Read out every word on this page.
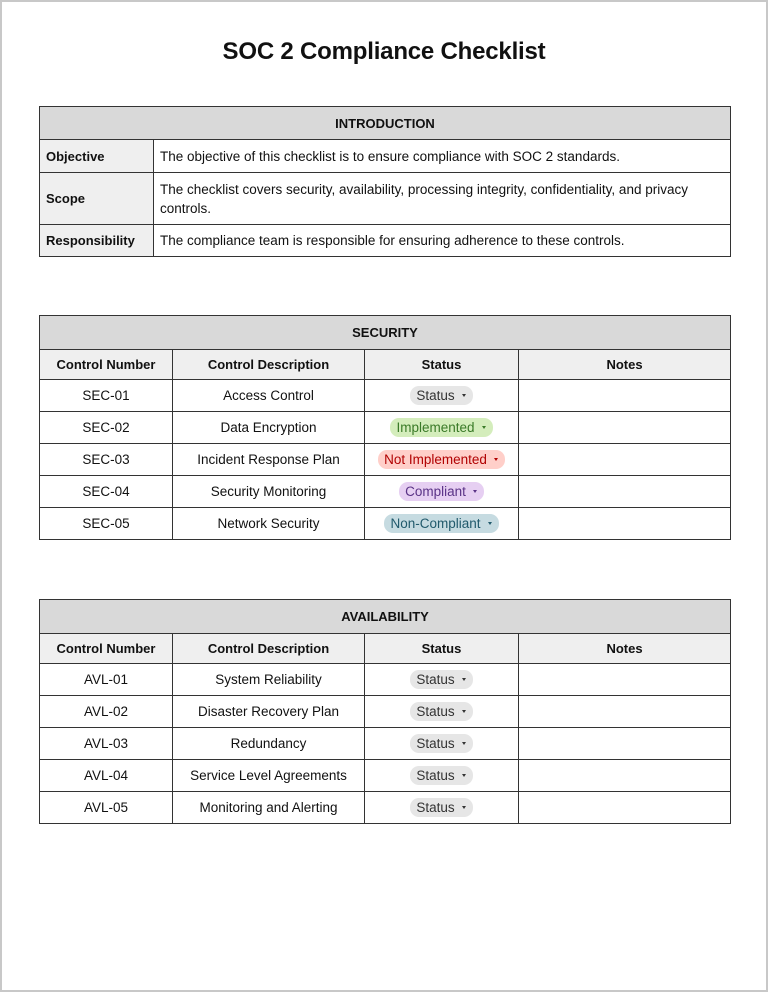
SOC 2 Compliance Checklist
INTRODUCTION	
Objective	The objective of this checklist is to ensure compliance with SOC 2 standards.
Scope	The checklist covers security, availability, processing integrity, confidentiality, and privacy controls.
Responsibility	The compliance team is responsible for ensuring adherence to these controls.
SECURITY			
Control Number	Control Description	Status	Notes
SEC-01	Access Control	Status	
SEC-02	Data Encryption	Implemented	
SEC-03	Incident Response Plan	Not Implemented	
SEC-04	Security Monitoring	Compliant	
SEC-05	Network Security	Non-Compliant	
AVAILABILITY			
Control Number	Control Description	Status	Notes
AVL-01	System Reliability	Status	
AVL-02	Disaster Recovery Plan	Status	
AVL-03	Redundancy	Status	
AVL-04	Service Level Agreements	Status	
AVL-05	Monitoring and Alerting	Status	
